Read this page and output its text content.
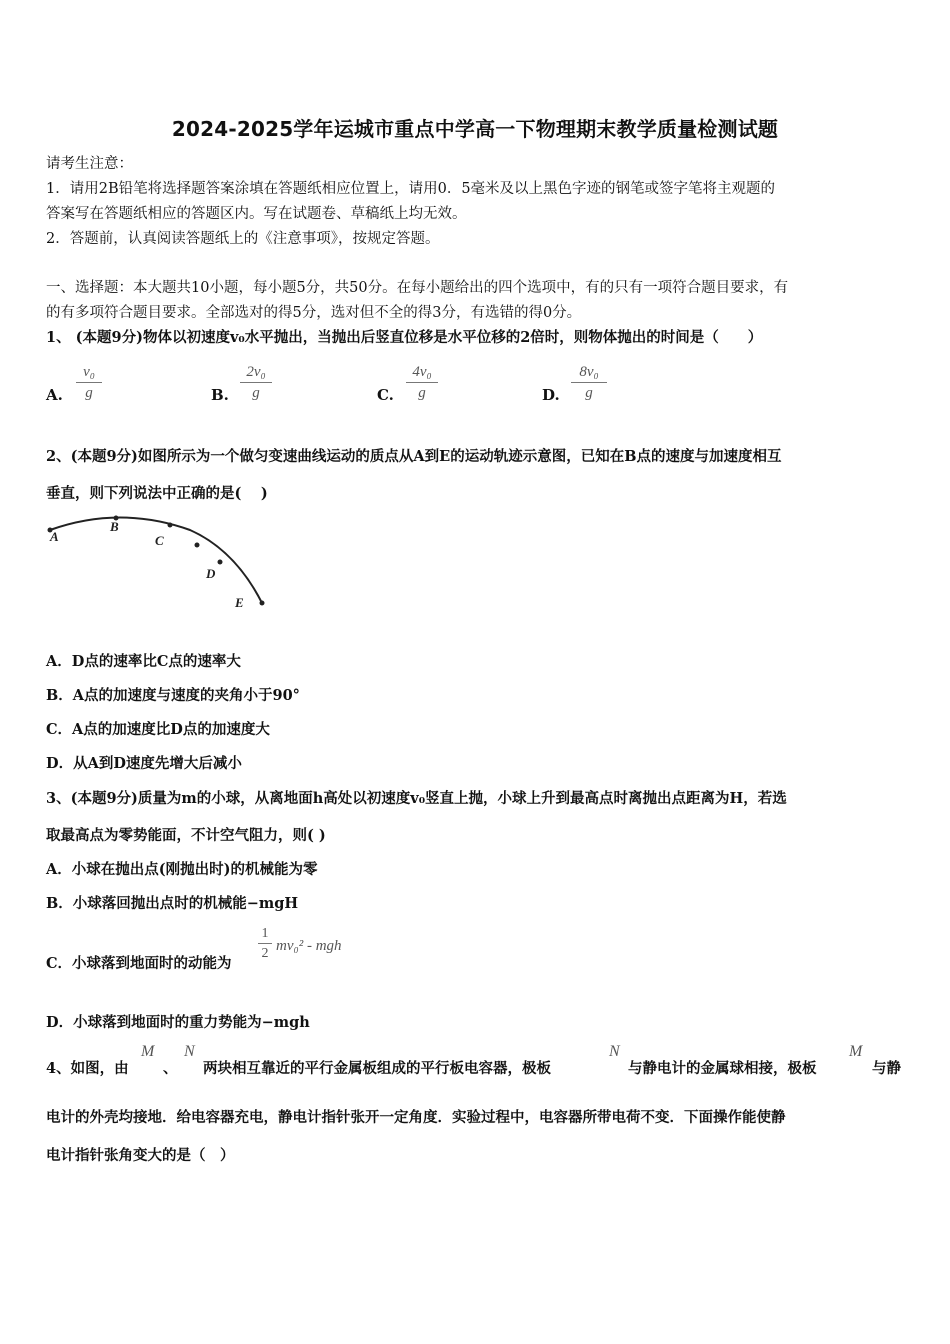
2024-2025学年运城市重点中学高一下物理期末教学质量检测试题
请考生注意：
1．请用2B铅笔将选择题答案涂填在答题纸相应位置上，请用0．5毫米及以上黑色字迹的钢笔或签字笔将主观题的
答案写在答题纸相应的答题区内。写在试题卷、草稿纸上均无效。
2．答题前，认真阅读答题纸上的《注意事项》，按规定答题。
一、选择题：本大题共10小题，每小题5分，共50分。在每小题给出的四个选项中，有的只有一项符合题目要求，有
的有多项符合题目要求。全部选对的得5分，选对但不全的得3分，有选错的得0分。
1、 (本题9分)物体以初速度v₀水平抛出，当抛出后竖直位移是水平位移的2倍时，则物体抛出的时间是（　　）
A. $\frac{\text{v₀}}{g}$	B. $\frac{\text{2v₀}}{g}$	C. $\frac{\text{4v₀}}{g}$	D. $\frac{\text{8v₀}}{g}$
2、(本题9分)如图所示为一个做匀变速曲线运动的质点从A到E的运动轨迹示意图，已知在B点的速度与加速度相互
垂直，则下列说法中正确的是(　 )
A
B
C
D
E
A．D点的速率比C点的速率大
B．A点的加速度与速度的夹角小于90°
C．A点的加速度比D点的加速度大
D．从A到D速度先增大后减小
3、(本题9分)质量为m的小球，从离地面h高处以初速度v₀竖直上抛，小球上升到最高点时离抛出点距离为H，若选
取最高点为零势能面，不计空气阻力，则( )
A．小球在抛出点(刚抛出时)的机械能为零
B．小球落回抛出点时的机械能−mgH
C．小球落到地面时的动能为
$\frac{1}{2} mv_0^2$ - mgh
D．小球落到地面时的重力势能为−mgh
4、如图，由
M
、
N
两块相互靠近的平行金属板组成的平行板电容器，极板
N
与静电计的金属球相接，极板
M
与静
电计的外壳均接地．给电容器充电，静电计指针张开一定角度．实验过程中，电容器所带电荷不变．下面操作能使静
电计指针张角变大的是（　）
